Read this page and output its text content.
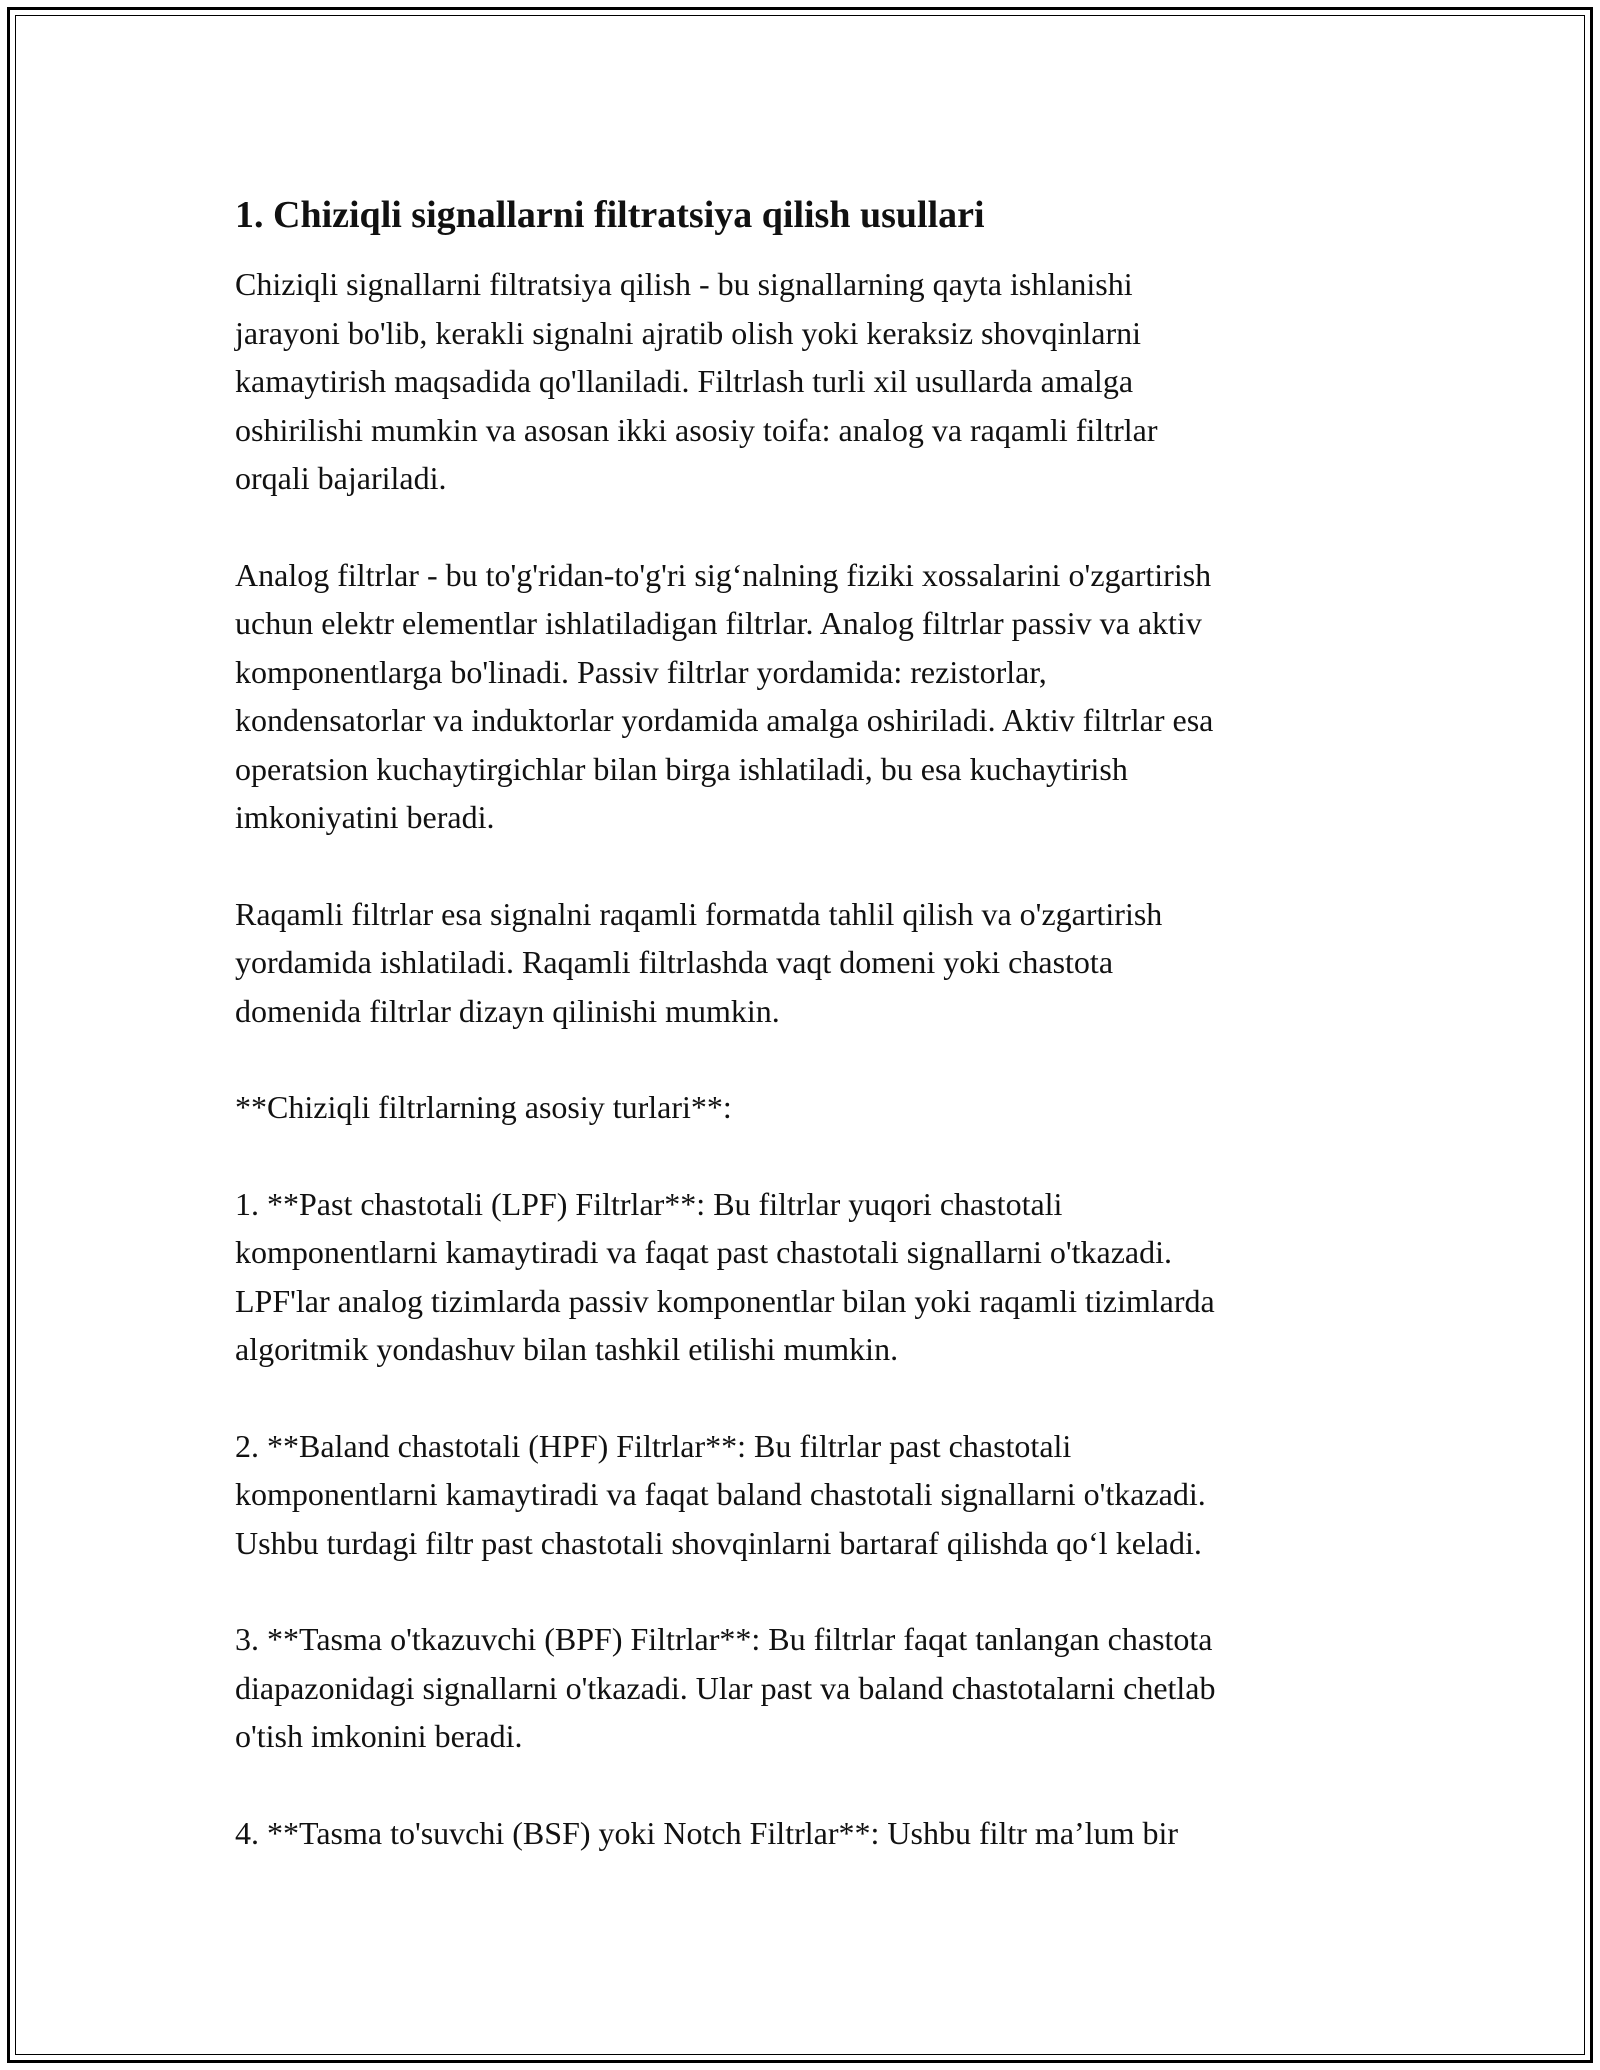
1. Chiziqli signallarni filtratsiya qilish usullari

Chiziqli signallarni filtratsiya qilish - bu signallarning qayta ishlanishi
jarayoni bo'lib, kerakli signalni ajratib olish yoki keraksiz shovqinlarni
kamaytirish maqsadida qo'llaniladi. Filtrlash turli xil usullarda amalga
oshirilishi mumkin va asosan ikki asosiy toifa: analog va raqamli filtrlar
orqali bajariladi.

Analog filtrlar - bu to'g'ridan-to'g'ri sig‘nalning fiziki xossalarini o'zgartirish
uchun elektr elementlar ishlatiladigan filtrlar. Analog filtrlar passiv va aktiv
komponentlarga bo'linadi. Passiv filtrlar yordamida: rezistorlar,
kondensatorlar va induktorlar yordamida amalga oshiriladi. Aktiv filtrlar esa
operatsion kuchaytirgichlar bilan birga ishlatiladi, bu esa kuchaytirish
imkoniyatini beradi.

Raqamli filtrlar esa signalni raqamli formatda tahlil qilish va o'zgartirish
yordamida ishlatiladi. Raqamli filtrlashda vaqt domeni yoki chastota
domenida filtrlar dizayn qilinishi mumkin.

**Chiziqli filtrlarning asosiy turlari**:

1. **Past chastotali (LPF) Filtrlar**: Bu filtrlar yuqori chastotali
komponentlarni kamaytiradi va faqat past chastotali signallarni o'tkazadi.
LPF'lar analog tizimlarda passiv komponentlar bilan yoki raqamli tizimlarda
algoritmik yondashuv bilan tashkil etilishi mumkin.

2. **Baland chastotali (HPF) Filtrlar**: Bu filtrlar past chastotali
komponentlarni kamaytiradi va faqat baland chastotali signallarni o'tkazadi.
Ushbu turdagi filtr past chastotali shovqinlarni bartaraf qilishda qo‘l keladi.

3. **Tasma o'tkazuvchi (BPF) Filtrlar**: Bu filtrlar faqat tanlangan chastota
diapazonidagi signallarni o'tkazadi. Ular past va baland chastotalarni chetlab
o'tish imkonini beradi.

4. **Tasma to'suvchi (BSF) yoki Notch Filtrlar**: Ushbu filtr ma’lum bir
